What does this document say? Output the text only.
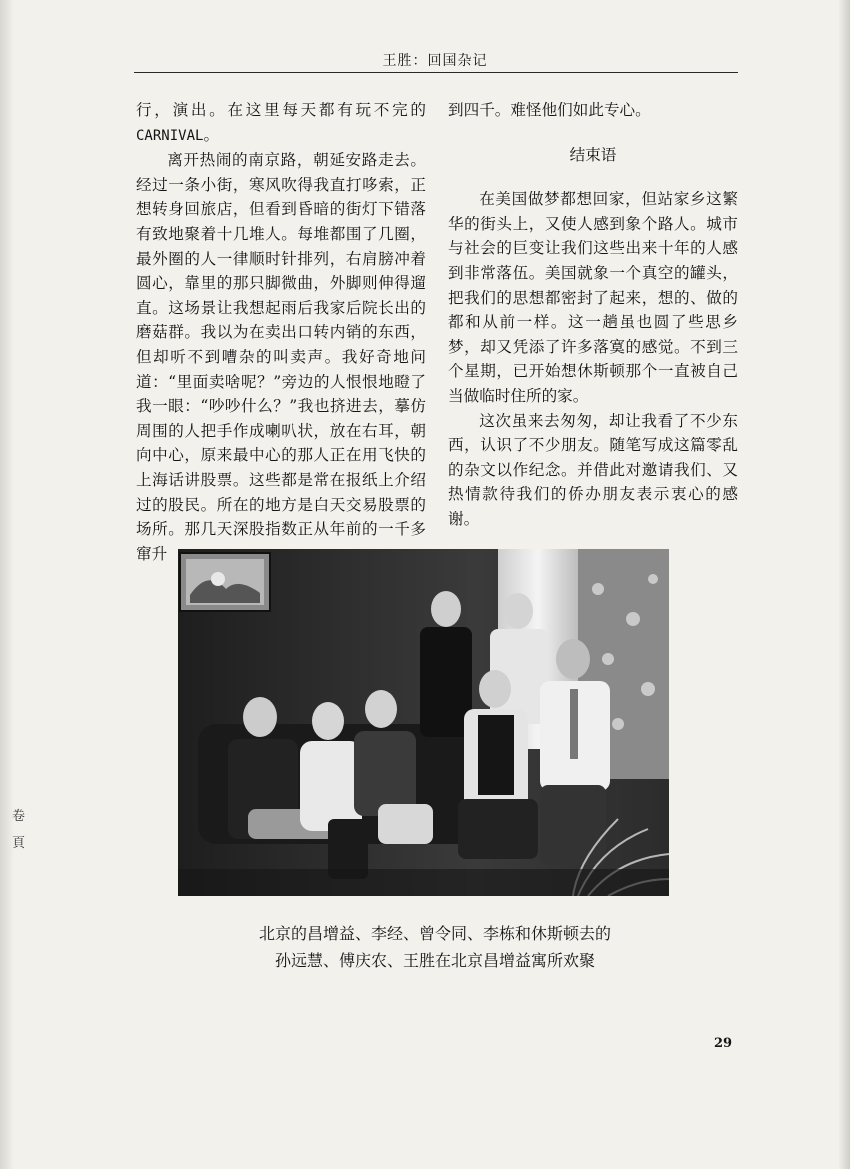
王胜：回国杂记

行，演出。在这里每天都有玩不完的CARNIVAL。

离开热闹的南京路，朝延安路走去。经过一条小街，寒风吹得我直打哆索，正想转身回旅店，但看到昏暗的街灯下错落有致地聚着十几堆人。每堆都围了几圈，最外圈的人一律顺时针排列，右肩膀冲着圆心，靠里的那只脚微曲，外脚则伸得遛直。这场景让我想起雨后我家后院长出的磨菇群。我以为在卖出口转内销的东西，但却听不到嘈杂的叫卖声。我好奇地问道：“里面卖啥呢？”旁边的人恨恨地瞪了我一眼：“吵吵什么？”我也挤进去，摹仿周围的人把手作成喇叭状，放在右耳，朝向中心，原来最中心的那人正在用飞快的上海话讲股票。这些都是常在报纸上介绍过的股民。所在的地方是白天交易股票的场所。那几天深股指数正从年前的一千多窜升

到四千。难怪他们如此专心。

结束语

在美国做梦都想回家，但站家乡这繁华的街头上，又使人感到象个路人。城市与社会的巨变让我们这些出来十年的人感到非常落伍。美国就象一个真空的罐头，把我们的思想都密封了起来，想的、做的都和从前一样。这一趟虽也圆了些思乡梦，却又凭添了许多落寞的感觉。不到三个星期，已开始想休斯顿那个一直被自己当做临时住所的家。

这次虽来去匆匆，却让我看了不少东西，认识了不少朋友。随笔写成这篇零乱的杂文以作纪念。并借此对邀请我们、又热情款待我们的侨办朋友表示衷心的感谢。

北京的昌增益、李经、曾令同、李栋和休斯顿去的
孙远慧、傅庆农、王胜在北京昌增益寓所欢聚
29
卷
頁
